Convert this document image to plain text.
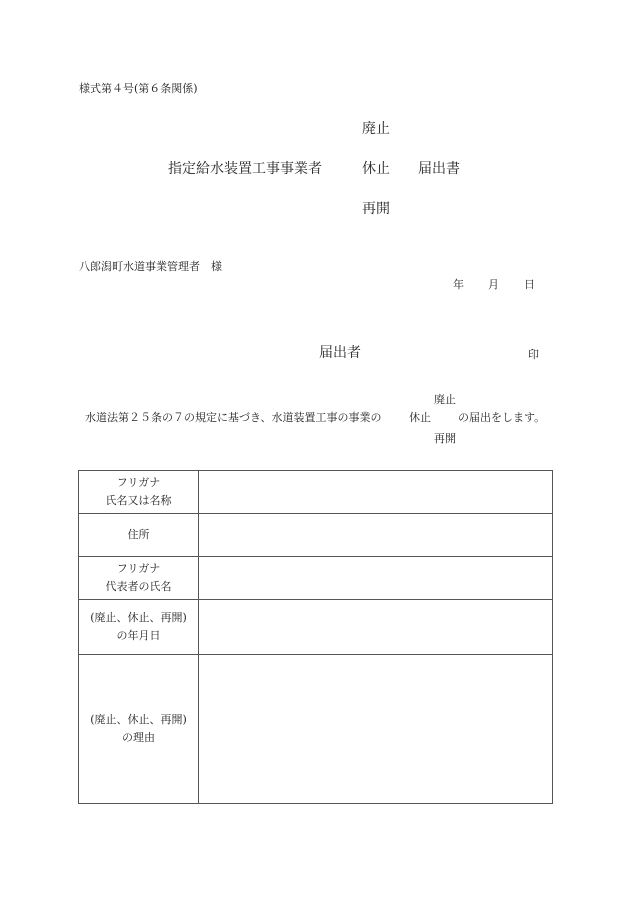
様式第４号(第６条関係)
廃止
指定給水装置工事事業者	休止 届出書
再開
八郎潟町水道事業管理者　様
年 月 日
届出者	印
廃止
水道法第２５条の７の規定に基づき、水道装置工事の事業の 休止 の届出をします。
再開
フリガナ
氏名又は名称	

住所	

フリガナ
代表者の氏名	

(廃止、休止、再開)
の年月日	

(廃止、休止、再開)
の理由	
